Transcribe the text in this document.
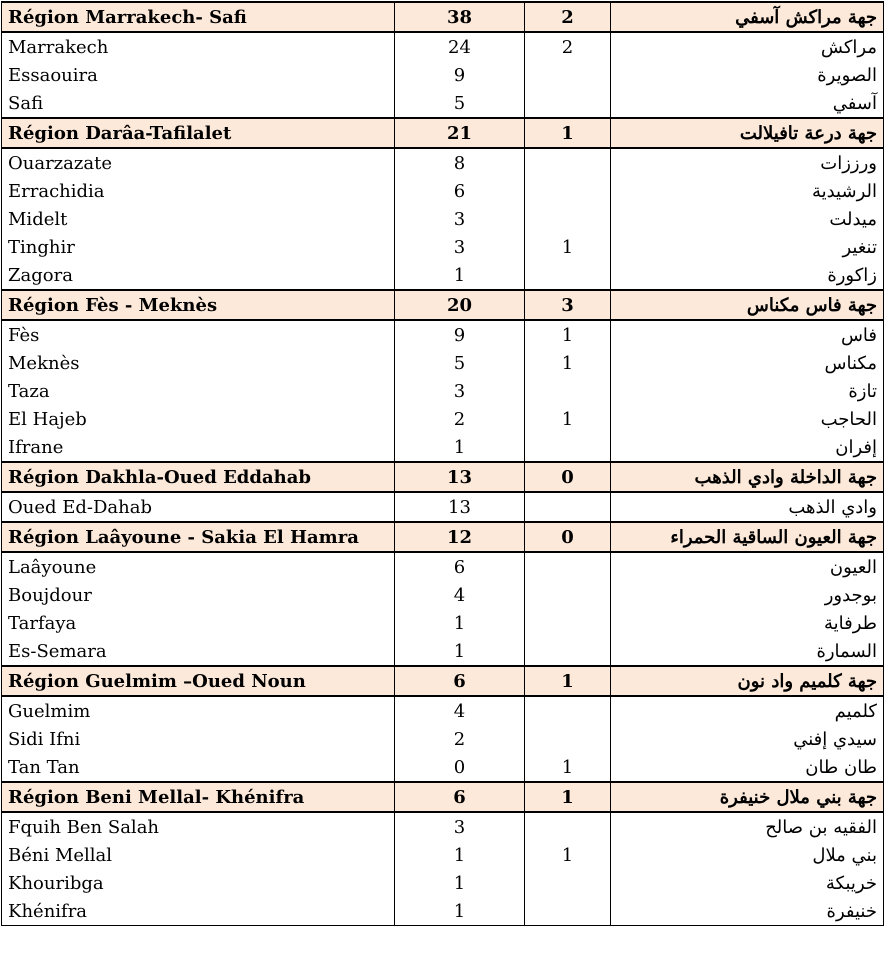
Région Marrakech- Safi	38	2	جهة مراكش آسفي
Marrakech	24	2	مراكش
Essaouira	9		الصويرة
Safi	5		آسفي
Région Darâa-Tafilalet	21	1	جهة درعة تافيلالت
Ouarzazate	8		ورززات
Errachidia	6		الرشيدية
Midelt	3		ميدلت
Tinghir	3	1	تنغير
Zagora	1		زاكورة
Région Fès - Meknès	20	3	جهة فاس مكناس
Fès	9	1	فاس
Meknès	5	1	مكناس
Taza	3		تازة
El Hajeb	2	1	الحاجب
Ifrane	1		إفران
Région Dakhla-Oued Eddahab	13	0	جهة الداخلة وادي الذهب
Oued Ed-Dahab	13		وادي الذهب
Région Laâyoune - Sakia El Hamra	12	0	جهة العيون الساقية الحمراء
Laâyoune	6		العيون
Boujdour	4		بوجدور
Tarfaya	1		طرفاية
Es-Semara	1		السمارة
Région Guelmim –Oued Noun	6	1	جهة كلميم واد نون
Guelmim	4		كلميم
Sidi Ifni	2		سيدي إفني
Tan Tan	0	1	طان طان
Région Beni Mellal- Khénifra	6	1	جهة بني ملال خنيفرة
Fquih Ben Salah	3		الفقيه بن صالح
Béni Mellal	1	1	بني ملال
Khouribga	1		خريبكة
Khénifra	1		خنيفرة
